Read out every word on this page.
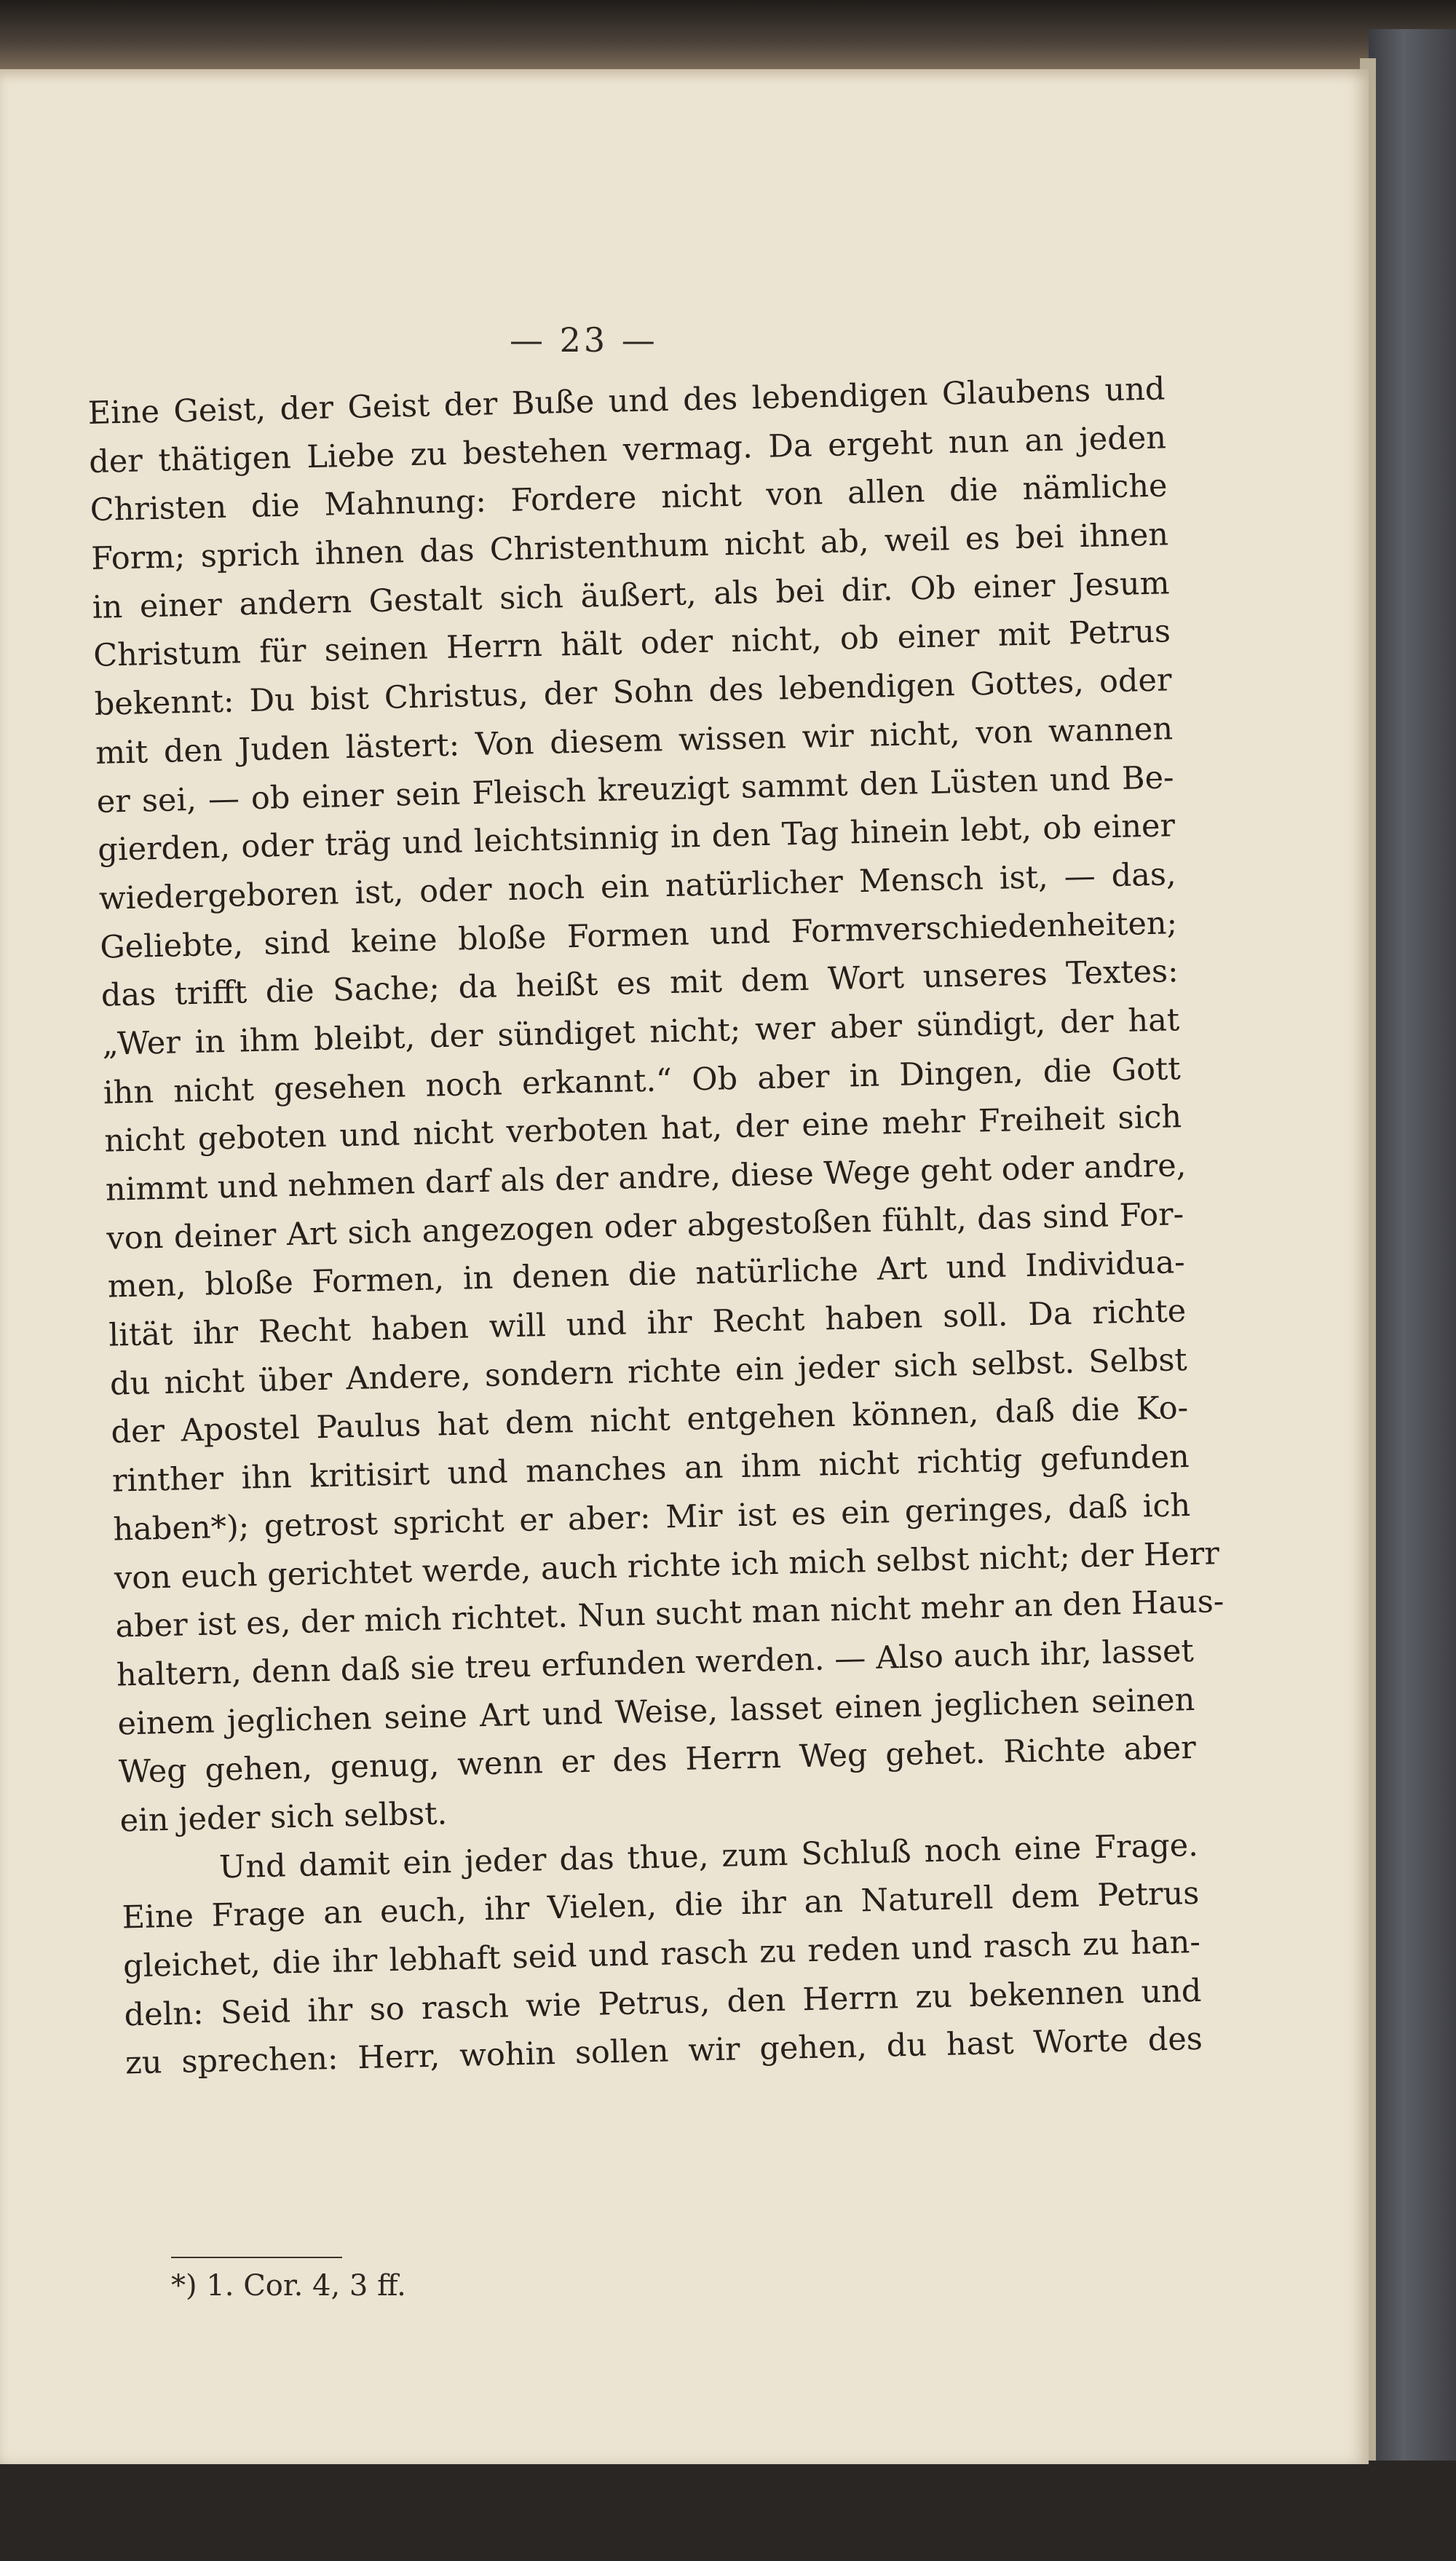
— 23 —
Eine Geist, der Geist der Buße und des lebendigen Glaubens und
der thätigen Liebe zu bestehen vermag. Da ergeht nun an jeden
Christen die Mahnung: Fordere nicht von allen die nämliche
Form; sprich ihnen das Christenthum nicht ab, weil es bei ihnen
in einer andern Gestalt sich äußert, als bei dir. Ob einer Jesum
Christum für seinen Herrn hält oder nicht, ob einer mit Petrus
bekennt: Du bist Christus, der Sohn des lebendigen Gottes, oder
mit den Juden lästert: Von diesem wissen wir nicht, von wannen
er sei, — ob einer sein Fleisch kreuzigt sammt den Lüsten und Be-
gierden, oder träg und leichtsinnig in den Tag hinein lebt, ob einer
wiedergeboren ist, oder noch ein natürlicher Mensch ist, — das,
Geliebte, sind keine bloße Formen und Formverschiedenheiten;
das trifft die Sache; da heißt es mit dem Wort unseres Textes:
„Wer in ihm bleibt, der sündiget nicht; wer aber sündigt, der hat
ihn nicht gesehen noch erkannt.“ Ob aber in Dingen, die Gott
nicht geboten und nicht verboten hat, der eine mehr Freiheit sich
nimmt und nehmen darf als der andre, diese Wege geht oder andre,
von deiner Art sich angezogen oder abgestoßen fühlt, das sind For-
men, bloße Formen, in denen die natürliche Art und Individua-
lität ihr Recht haben will und ihr Recht haben soll. Da richte
du nicht über Andere, sondern richte ein jeder sich selbst. Selbst
der Apostel Paulus hat dem nicht entgehen können, daß die Ko-
rinther ihn kritisirt und manches an ihm nicht richtig gefunden
haben*); getrost spricht er aber: Mir ist es ein geringes, daß ich
von euch gerichtet werde, auch richte ich mich selbst nicht; der Herr
aber ist es, der mich richtet. Nun sucht man nicht mehr an den Haus-
haltern, denn daß sie treu erfunden werden. — Also auch ihr, lasset
einem jeglichen seine Art und Weise, lasset einen jeglichen seinen
Weg gehen, genug, wenn er des Herrn Weg gehet. Richte aber
ein jeder sich selbst.
Und damit ein jeder das thue, zum Schluß noch eine Frage.
Eine Frage an euch, ihr Vielen, die ihr an Naturell dem Petrus
gleichet, die ihr lebhaft seid und rasch zu reden und rasch zu han-
deln: Seid ihr so rasch wie Petrus, den Herrn zu bekennen und
zu sprechen: Herr, wohin sollen wir gehen, du hast Worte des
*) 1. Cor. 4, 3 ff.
